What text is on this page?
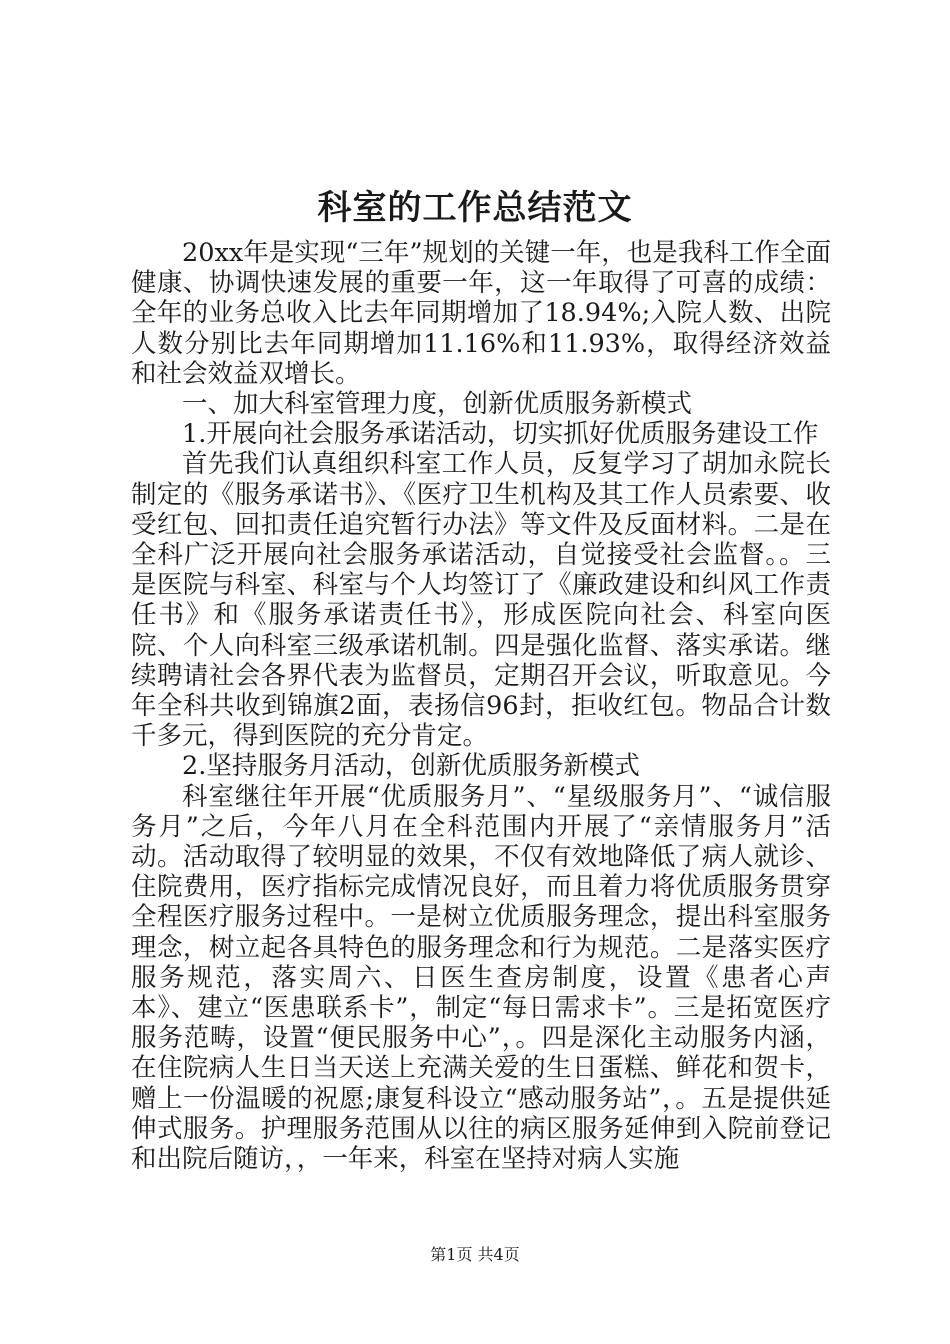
科室的工作总结范文

20xx年是实现“三年”规划的关键一年，也是我科工作全面健康、协调快速发展的重要一年，这一年取得了可喜的成绩：全年的业务总收入比去年同期增加了18.94%;入院人数、出院人数分别比去年同期增加11.16%和11.93%，取得经济效益和社会效益双增长。

一、加大科室管理力度，创新优质服务新模式

1.开展向社会服务承诺活动，切实抓好优质服务建设工作

首先我们认真组织科室工作人员，反复学习了胡加永院长制定的《服务承诺书》、《医疗卫生机构及其工作人员索要、收受红包、回扣责任追究暂行办法》等文件及反面材料。二是在全科广泛开展向社会服务承诺活动，自觉接受社会监督。。三是医院与科室、科室与个人均签订了《廉政建设和纠风工作责任书》和《服务承诺责任书》，形成医院向社会、科室向医院、个人向科室三级承诺机制。四是强化监督、落实承诺。继续聘请社会各界代表为监督员，定期召开会议，听取意见。今年全科共收到锦旗2面，表扬信96封，拒收红包。物品合计数千多元，得到医院的充分肯定。

2.坚持服务月活动，创新优质服务新模式

科室继往年开展“优质服务月”、“星级服务月”、“诚信服务月”之后，今年八月在全科范围内开展了“亲情服务月”活动。活动取得了较明显的效果，不仅有效地降低了病人就诊、住院费用，医疗指标完成情况良好，而且着力将优质服务贯穿全程医疗服务过程中。一是树立优质服务理念，提出科室服务理念，树立起各具特色的服务理念和行为规范。二是落实医疗服务规范，落实周六、日医生查房制度，设置《患者心声本》、建立“医患联系卡”，制定“每日需求卡”。三是拓宽医疗服务范畴，设置“便民服务中心”，。四是深化主动服务内涵，在住院病人生日当天送上充满关爱的生日蛋糕、鲜花和贺卡，赠上一份温暖的祝愿;康复科设立“感动服务站”，。五是提供延伸式服务。护理服务范围从以往的病区服务延伸到入院前登记和出院后随访，，一年来，科室在坚持对病人实施

第1页 共4页
